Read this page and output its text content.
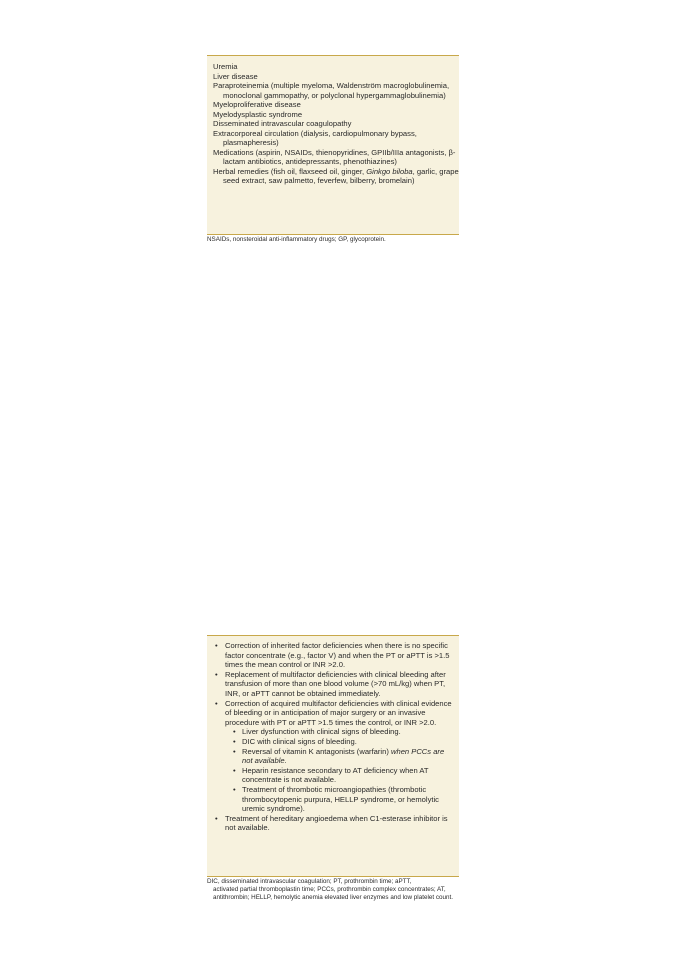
Uremia
Liver disease
Paraproteinemia (multiple myeloma, Waldenström macroglobulinemia, monoclonal gammopathy, or polyclonal hypergammaglobulinemia)
Myeloproliferative disease
Myelodysplastic syndrome
Disseminated intravascular coagulopathy
Extracorporeal circulation (dialysis, cardiopulmonary bypass, plasmapheresis)
Medications (aspirin, NSAIDs, thienopyridines, GPIIb/IIIa antagonists, β-lactam antibiotics, antidepressants, phenothiazines)
Herbal remedies (fish oil, flaxseed oil, ginger, Ginkgo biloba, garlic, grape seed extract, saw palmetto, feverfew, bilberry, bromelain)
NSAIDs, nonsteroidal anti-inflammatory drugs; GP, glycoprotein.
• Correction of inherited factor deficiencies when there is no specific factor concentrate (e.g., factor V) and when the PT or aPTT is >1.5 times the mean control or INR >2.0.
• Replacement of multifactor deficiencies with clinical bleeding after transfusion of more than one blood volume (>70 mL/kg) when PT, INR, or aPTT cannot be obtained immediately.
• Correction of acquired multifactor deficiencies with clinical evidence of bleeding or in anticipation of major surgery or an invasive procedure with PT or aPTT >1.5 times the control, or INR >2.0.
• Liver dysfunction with clinical signs of bleeding.
• DIC with clinical signs of bleeding.
• Reversal of vitamin K antagonists (warfarin) when PCCs are not available.
• Heparin resistance secondary to AT deficiency when AT concentrate is not available.
• Treatment of thrombotic microangiopathies (thrombotic thrombocytopenic purpura, HELLP syndrome, or hemolytic uremic syndrome).
• Treatment of hereditary angioedema when C1-esterase inhibitor is not available.
DIC, disseminated intravascular coagulation; PT, prothrombin time; aPTT,
activated partial thromboplastin time; PCCs, prothrombin complex concentrates; AT, antithrombin; HELLP, hemolytic anemia elevated liver enzymes and low platelet count.
